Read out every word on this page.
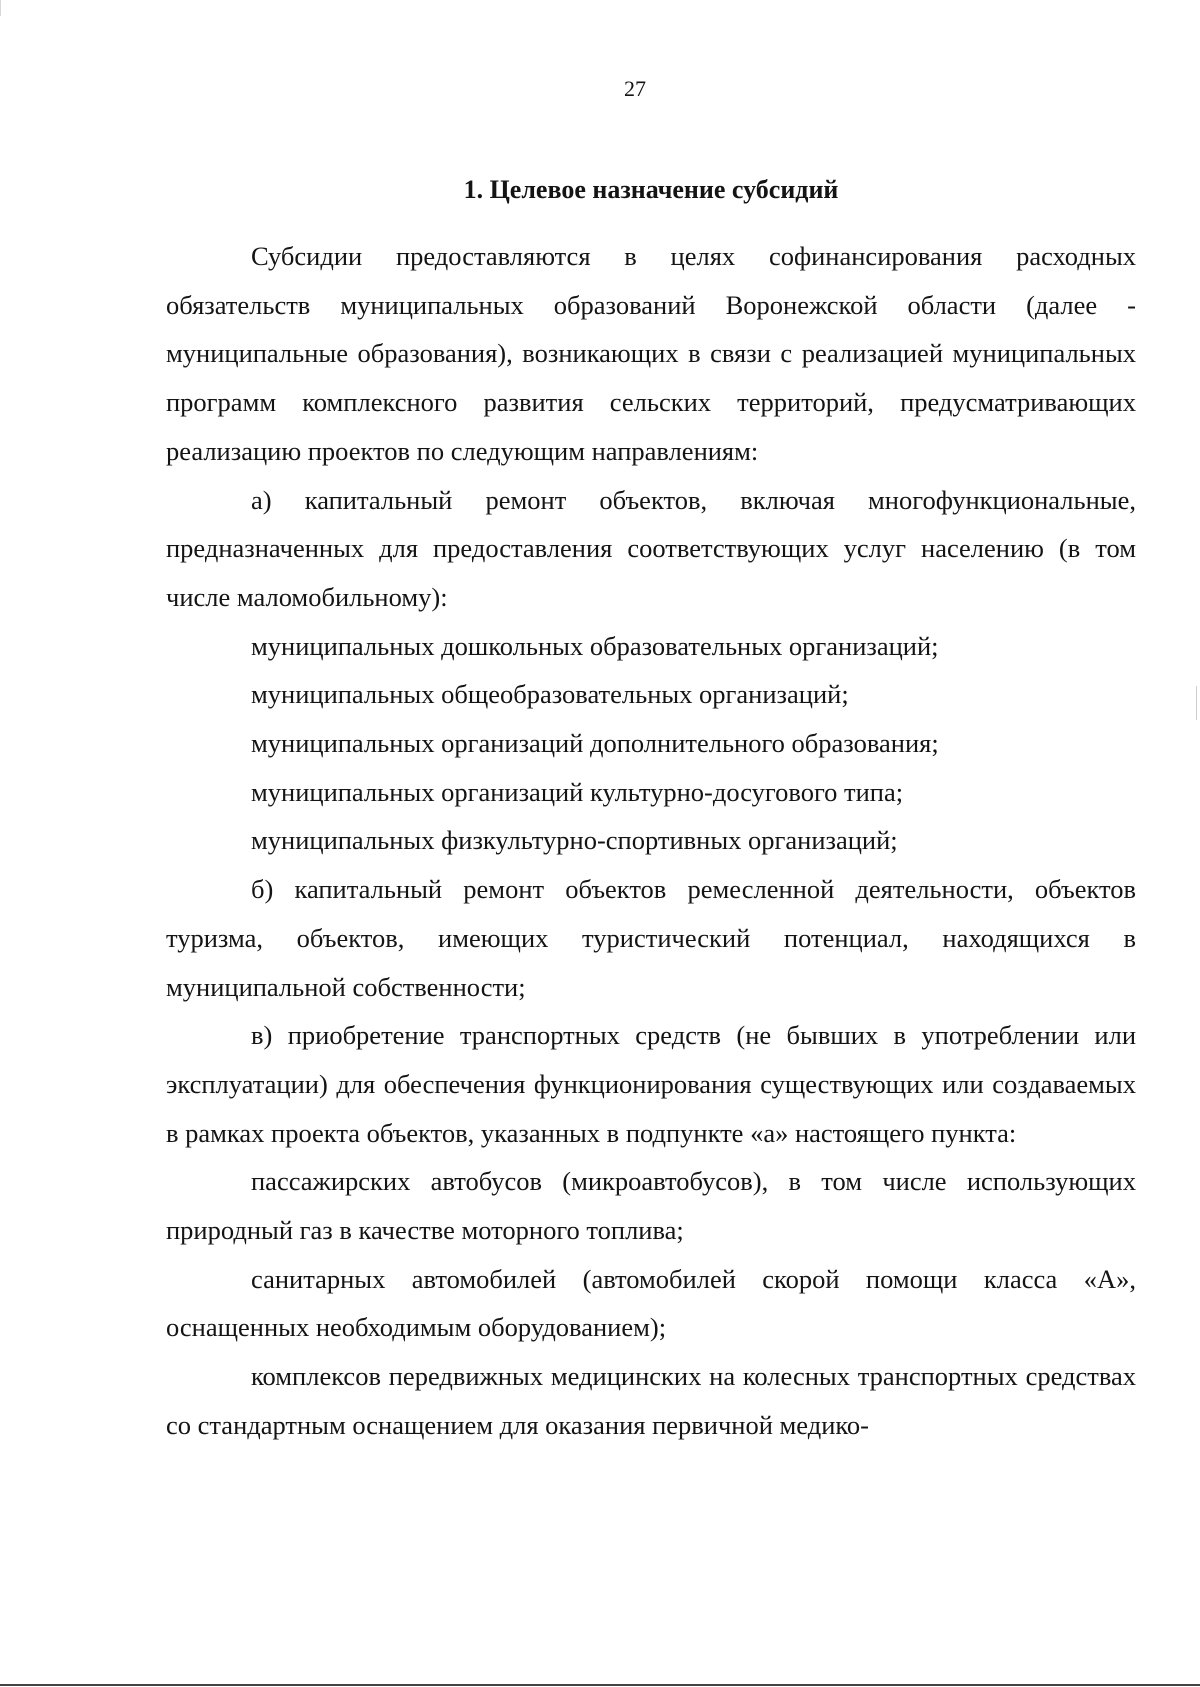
27
1. Целевое назначение субсидий

Субсидии предоставляются в целях софинансирования расходных обязательств муниципальных образований Воронежской области (далее - муниципальные образования), возникающих в связи с реализацией муниципальных программ комплексного развития сельских территорий, предусматривающих реализацию проектов по следующим направлениям:

а) капитальный ремонт объектов, включая многофункциональные, предназначенных для предоставления соответствующих услуг населению (в том числе маломобильному):

муниципальных дошкольных образовательных организаций;

муниципальных общеобразовательных организаций;

муниципальных организаций дополнительного образования;

муниципальных организаций культурно-досугового типа;

муниципальных физкультурно-спортивных организаций;

б) капитальный ремонт объектов ремесленной деятельности, объектов туризма, объектов, имеющих туристический потенциал, находящихся в муниципальной собственности;

в) приобретение транспортных средств (не бывших в употреблении или эксплуатации) для обеспечения функционирования существующих или создаваемых в рамках проекта объектов, указанных в подпункте «а» настоящего пункта:

пассажирских автобусов (микроавтобусов), в том числе использующих природный газ в качестве моторного топлива;

санитарных автомобилей (автомобилей скорой помощи класса «А», оснащенных необходимым оборудованием);

комплексов передвижных медицинских на колесных транспортных средствах со стандартным оснащением для оказания первичной медико-
